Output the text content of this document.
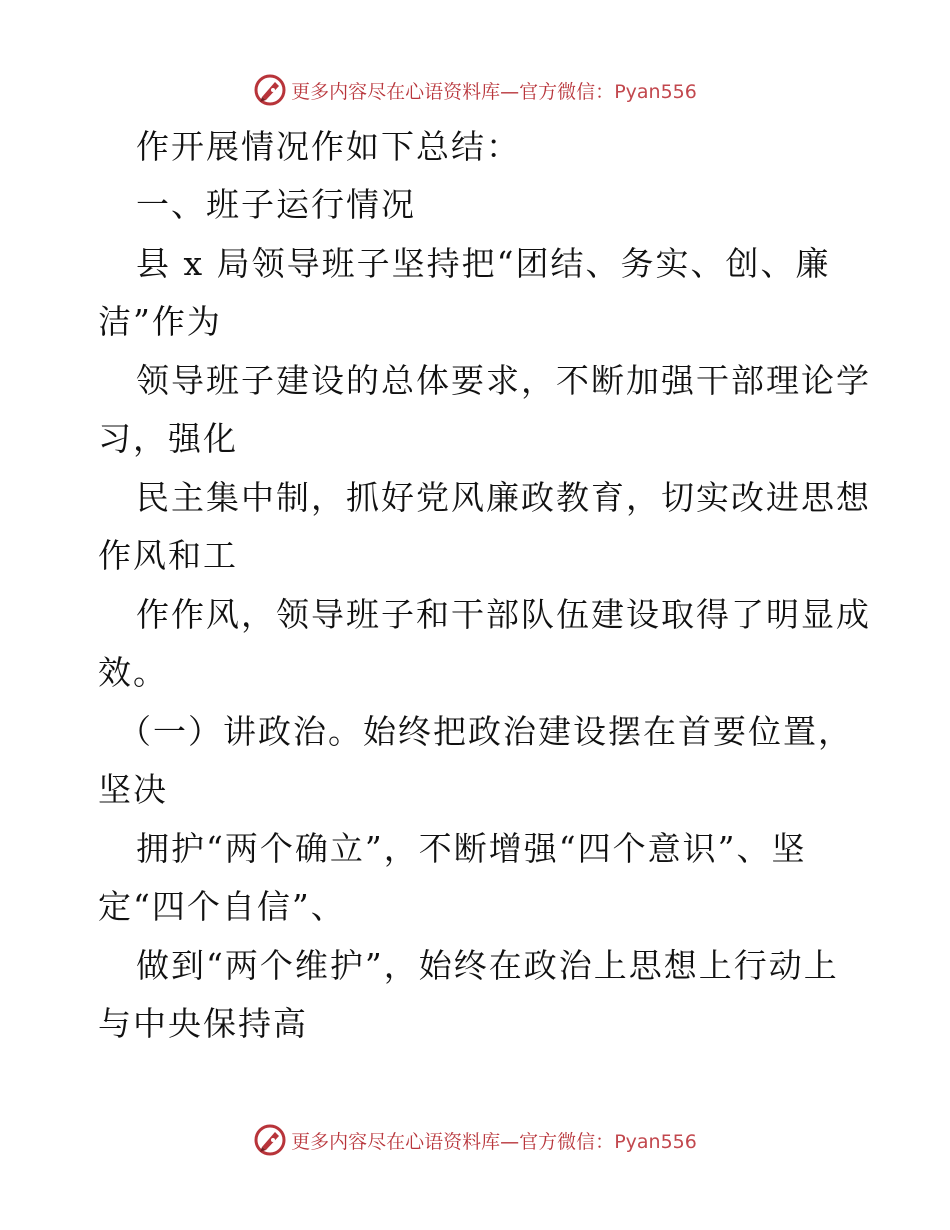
更多内容尽在心语资料库—官方微信：Pyan556
作开展情况作如下总结：
一、班子运行情况
县 x 局领导班子坚持把“团结、务实、创、廉
洁”作为
领导班子建设的总体要求，不断加强干部理论学
习，强化
民主集中制，抓好党风廉政教育，切实改进思想
作风和工
作作风，领导班子和干部队伍建设取得了明显成
效。
（一）讲政治。始终把政治建设摆在首要位置，
坚决
拥护“两个确立”，不断增强“四个意识”、坚
定“四个自信”、
做到“两个维护”，始终在政治上思想上行动上
与中央保持高
更多内容尽在心语资料库—官方微信：Pyan556
